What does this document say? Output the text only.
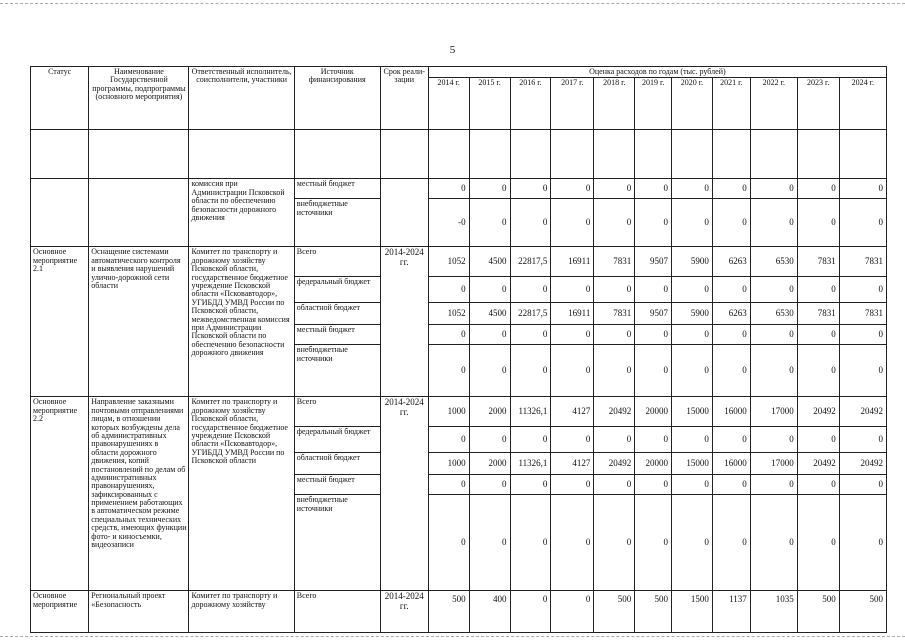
5
Статус	Наименование Государственной программы, подпрограммы (основного мероприятия)	Ответственный исполнитель, соисполнители, участники	Источник финансирования	Срок реали-зации	Оценка расходов по годам (тыс. рублей)										
					2014 г.	2015 г.	2016 г.	2017 г.	2018 г.	2019 г.	2020 г.	2021 г.	2022 г.	2023 г.	2024 г.

		комиссия при Администрации Псковской области по обеспечению безопасности дорожного движения	местный бюджет		0	0	0	0	0	0	0	0	0	0	0
			внебюджетные источники		-0	0	0	0	0	0	0	0	0	0	0
Основное мероприятие 2.1	Оснащение системами автоматического контроля и выявления нарушений улично-дорожной сети области	Комитет по транспорту и дорожному хозяйству Псковской области, государственное бюджетное учреждение Псковской области «Псковавтодор», УГИБДД УМВД России по Псковской области, межведомственная комиссия при Администрации Псковской области по обеспечению безопасности дорожного движения	Всего	2014-2024 гг.	1052	4500	22817,5	16911	7831	9507	5900	6263	6530	7831	7831
			федеральный бюджет		0	0	0	0	0	0	0	0	0	0	0
			областной бюджет		1052	4500	22817,5	16911	7831	9507	5900	6263	6530	7831	7831
			местный бюджет		0	0	0	0	0	0	0	0	0	0	0
			внебюджетные источники		0	0	0	0	0	0	0	0	0	0	0
Основное мероприятие 2.2	Направление заказными почтовыми отправлениями лицам, в отношении которых возбуждены дела об административных правонарушениях в области дорожного движения, копий постановлений по делам об административных правонарушениях, зафиксированных с применением работающих в автоматическом режиме специальных технических средств, имеющих функции фото- и киносъемки, видеозаписи	Комитет по транспорту и дорожному хозяйству Псковской области, государственное бюджетное учреждение Псковской области «Псковавтодор», УГИБДД УМВД России по Псковской области	Всего	2014-2024 гг.	1000	2000	11326,1	4127	20492	20000	15000	16000	17000	20492	20492
			федеральный бюджет		0	0	0	0	0	0	0	0	0	0	0
			областной бюджет		1000	2000	11326,1	4127	20492	20000	15000	16000	17000	20492	20492
			местный бюджет		0	0	0	0	0	0	0	0	0	0	0
			внебюджетные источники		0	0	0	0	0	0	0	0	0	0	0
Основное мероприятие	Региональный проект «Безопасность	Комитет по транспорту и дорожному хозяйству	Всего	2014-2024 гг.	500	400	0	0	500	500	1500	1137	1035	500	500
